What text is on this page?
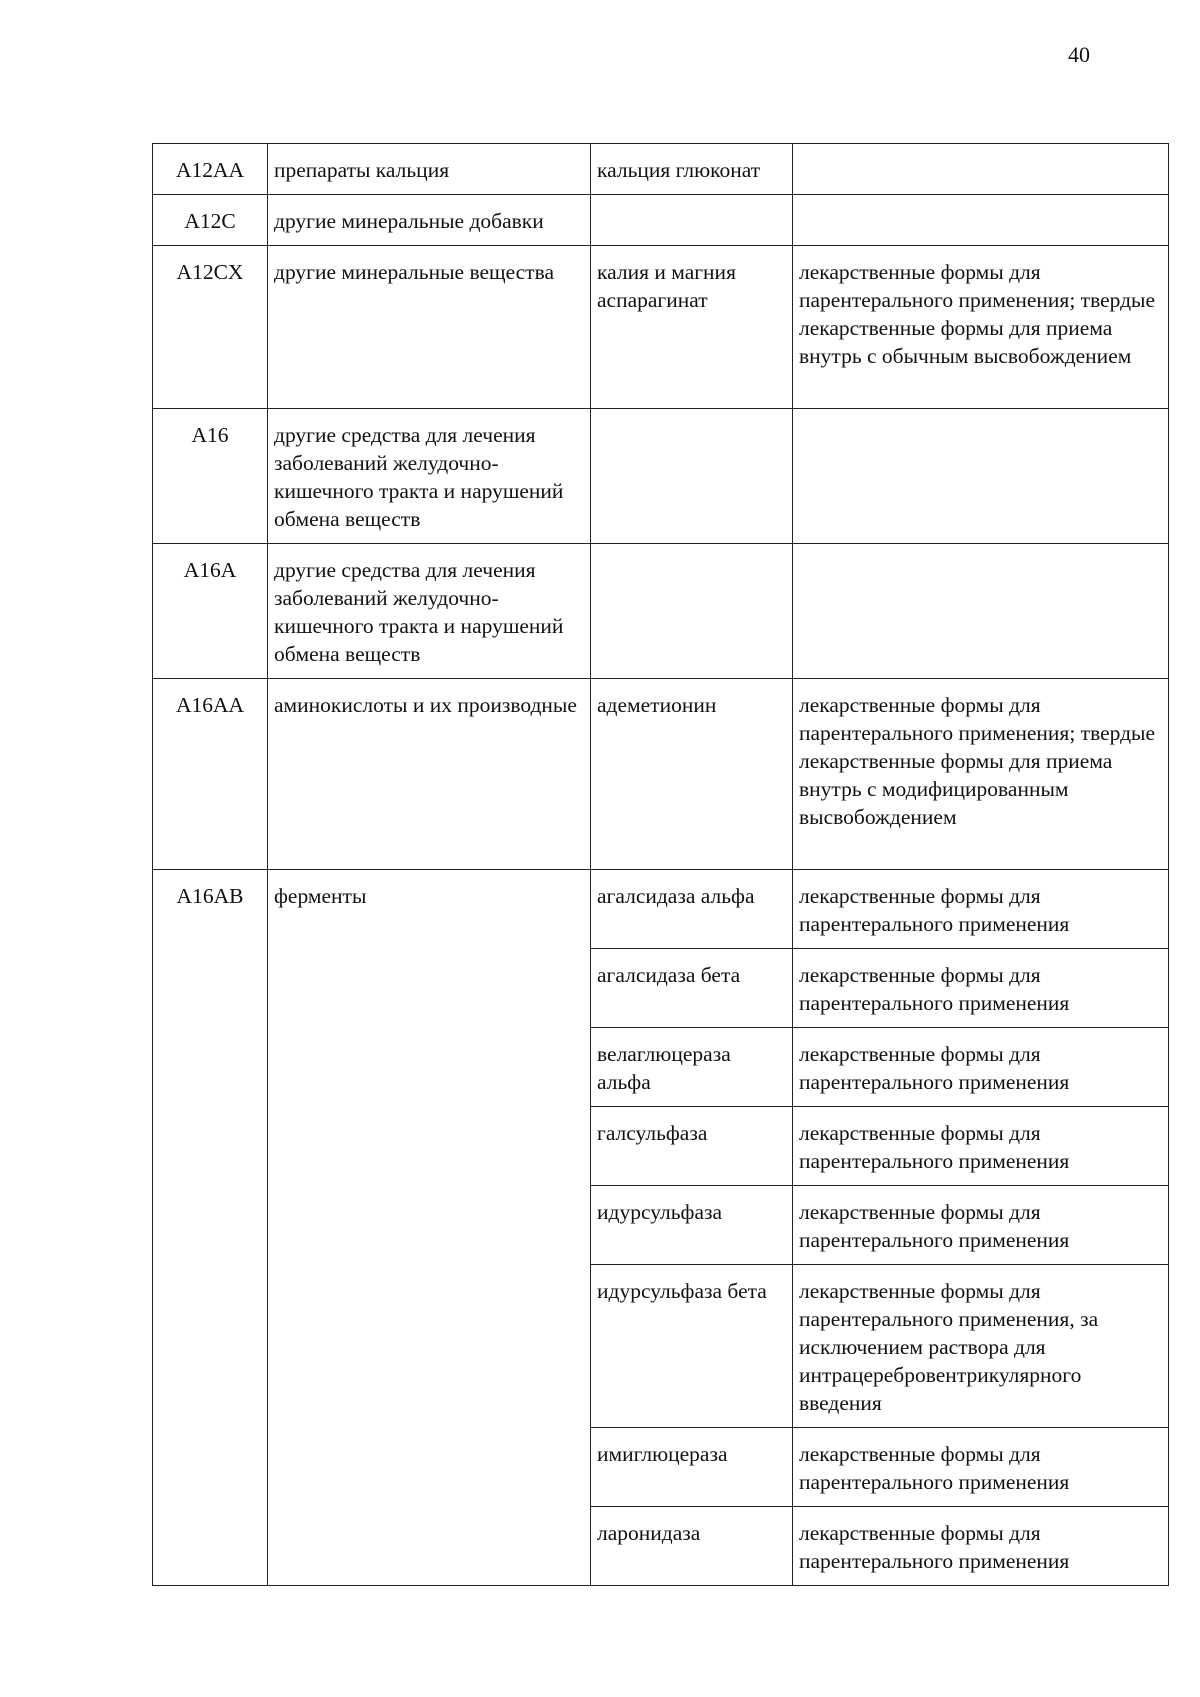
40
A12AA	препараты кальция	кальция глюконат	
A12C	другие минеральные добавки		
A12CX	другие минеральные вещества	калия и магния аспарагинат	лекарственные формы для парентерального применения; твердые лекарственные формы для приема внутрь с обычным высвобождением
A16	другие средства для лечения заболеваний желудочно-кишечного тракта и нарушений обмена веществ		
A16A	другие средства для лечения заболеваний желудочно-кишечного тракта и нарушений обмена веществ		
A16AA	аминокислоты и их производные	адеметионин	лекарственные формы для парентерального применения; твердые лекарственные формы для приема внутрь с модифицированным высвобождением
A16AB	ферменты	агалсидаза альфа	лекарственные формы для парентерального применения
		агалсидаза бета	лекарственные формы для парентерального применения
		велаглюцераза альфа	лекарственные формы для парентерального применения
		галсульфаза	лекарственные формы для парентерального применения
		идурсульфаза	лекарственные формы для парентерального применения
		идурсульфаза бета	лекарственные формы для парентерального применения, за исключением раствора для интрацеребровентрикулярного введения
		имиглюцераза	лекарственные формы для парентерального применения
		ларонидаза	лекарственные формы для парентерального применения
